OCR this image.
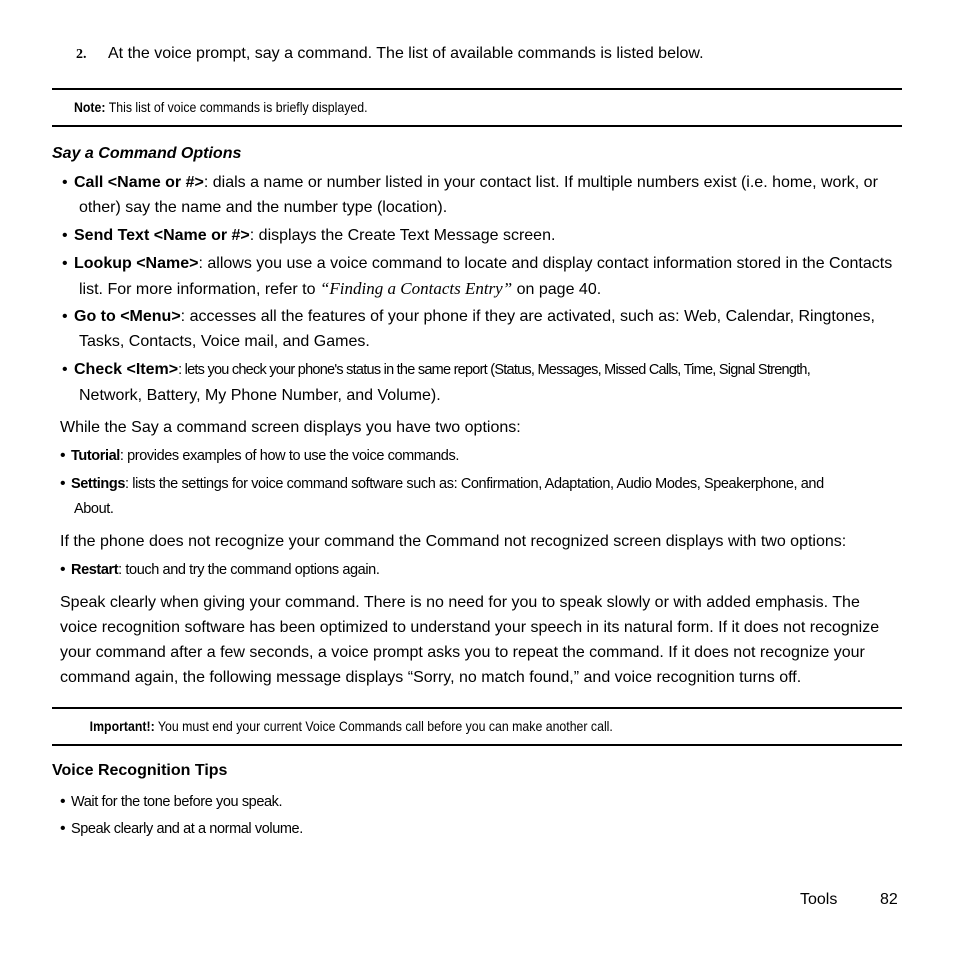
2. At the voice prompt, say a command. The list of available commands is listed below.
Note: This list of voice commands is briefly displayed.
Say a Command Options
• Call <Name or #>: dials a name or number listed in your contact list. If multiple numbers exist (i.e. home, work, or
other) say the name and the number type (location).
• Send Text <Name or #>: displays the Create Text Message screen.
• Lookup <Name>: allows you use a voice command to locate and display contact information stored in the Contacts
list. For more information, refer to “Finding a Contacts Entry” on page 40.
• Go to <Menu>: accesses all the features of your phone if they are activated, such as: Web, Calendar, Ringtones,
Tasks, Contacts, Voice mail, and Games.
• Check <Item>: lets you check your phone's status in the same report (Status, Messages, Missed Calls, Time, Signal Strength,
Network, Battery, My Phone Number, and Volume).
While the Say a command screen displays you have two options:
• Tutorial: provides examples of how to use the voice commands.
• Settings: lists the settings for voice command software such as: Confirmation, Adaptation, Audio Modes, Speakerphone, and
About.
If the phone does not recognize your command the Command not recognized screen displays with two options:
• Restart: touch and try the command options again.
Speak clearly when giving your command. There is no need for you to speak slowly or with added emphasis. The
voice recognition software has been optimized to understand your speech in its natural form. If it does not recognize
your command after a few seconds, a voice prompt asks you to repeat the command. If it does not recognize your
command again, the following message displays “Sorry, no match found,” and voice recognition turns off.
Important!: You must end your current Voice Commands call before you can make another call.
Voice Recognition Tips
• Wait for the tone before you speak.
• Speak clearly and at a normal volume.
Tools	82
